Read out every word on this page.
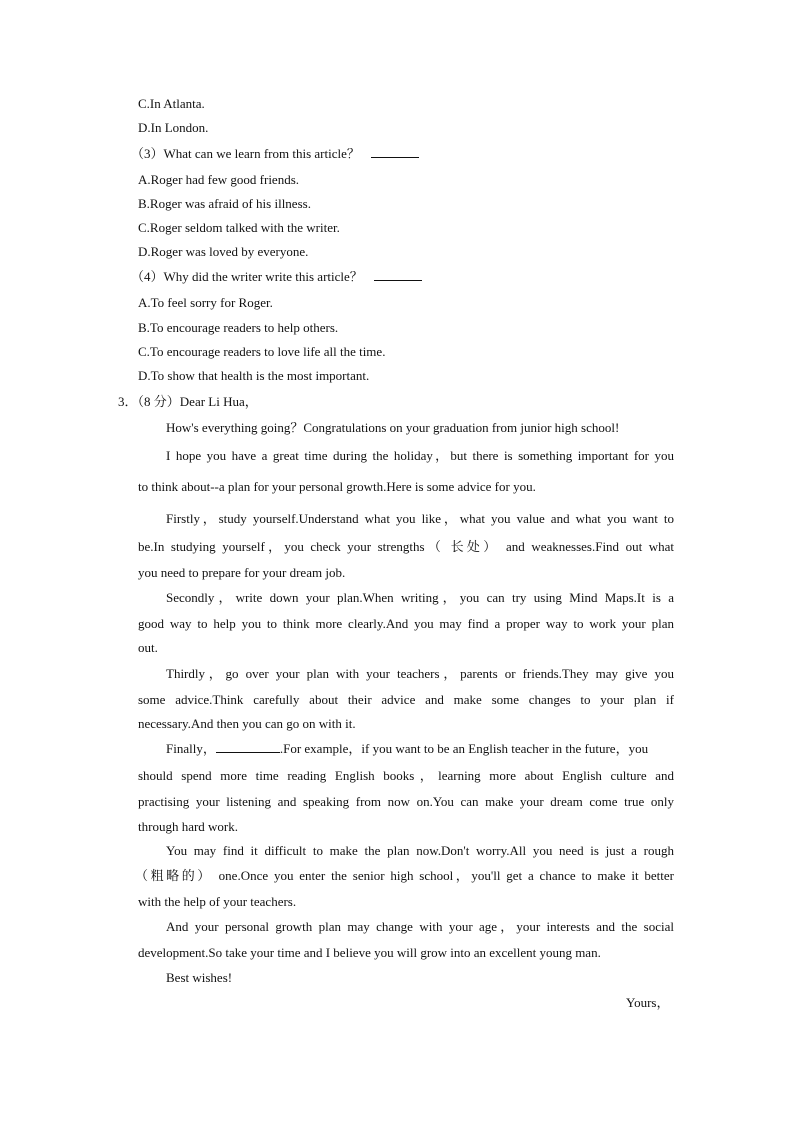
C.In Atlanta.
D.In London.
（3）What can we learn from this article？
A.Roger had few good friends.
B.Roger was afraid of his illness.
C.Roger seldom talked with the writer.
D.Roger was loved by everyone.
（4）Why did the writer write this article？
A.To feel sorry for Roger.
B.To encourage readers to help others.
C.To encourage readers to love life all the time.
D.To show that health is the most important.
3．（8 分）Dear Li Hua，
How's everything going？Congratulations on your graduation from junior high school!
I hope you have a great time during the holiday，but there is something important for you
to think about--a plan for your personal growth.Here is some advice for you.
Firstly，study yourself.Understand what you like，what you value and what you want to
be.In studying yourself，you check your strengths（ 长处） and weaknesses.Find out what
you need to prepare for your dream job.
Secondly，write down your plan.When writing，you can try using Mind Maps.It is a
good way to help you to think more clearly.And you may find a proper way to work your plan
out.
Thirdly，go over your plan with your teachers，parents or friends.They may give you
some advice.Think carefully about their advice and make some changes to your plan if
necessary.And then you can go on with it.
Finally，	.For example，if you want to be an English teacher in the future，you
should spend more time reading English books，learning more about English culture and
practising your listening and speaking from now on.You can make your dream come true only
through hard work.
You may find it difficult to make the plan now.Don't worry.All you need is just a rough
（粗略的） one.Once you enter the senior high school，you'll get a chance to make it better
with the help of your teachers.
And your personal growth plan may change with your age，your interests and the social
development.So take your time and I believe you will grow into an excellent young man.
Best wishes!
Yours，
